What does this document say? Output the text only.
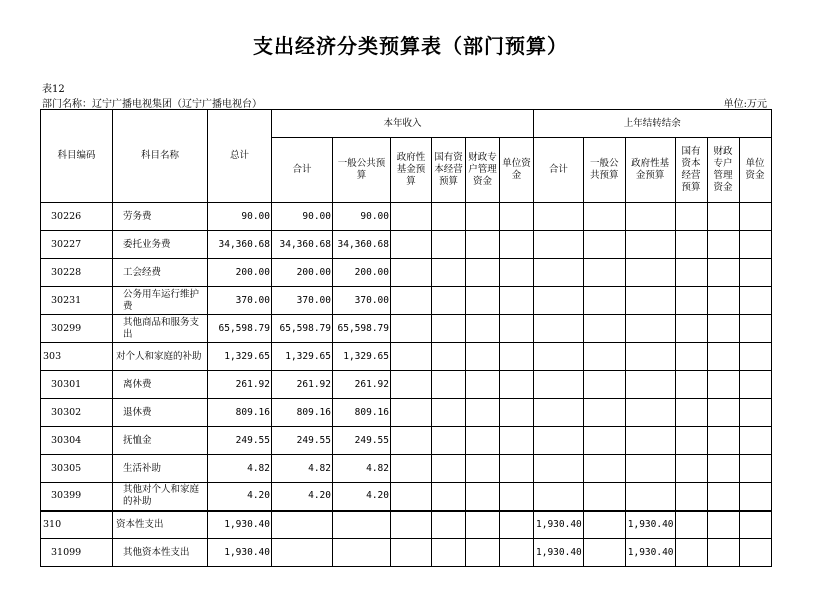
支出经济分类预算表（部门预算）
表12
部门名称：辽宁广播电视集团（辽宁广播电视台）	单位:万元
科目编码	科目名称	总计	本年收入						上年结转结余					
			合计	一般公共预算	政府性基金预算	国有资本经营预算	财政专户管理资金	单位资金	合计	一般公共预算	政府性基金预算	国有资本经营预算	财政专户管理资金	单位资金
30226	劳务费	90.00	90.00	90.00										
30227	委托业务费	34,360.68	34,360.68	34,360.68										
30228	工会经费	200.00	200.00	200.00										
30231	公务用车运行维护费	370.00	370.00	370.00										
30299	其他商品和服务支出	65,598.79	65,598.79	65,598.79										
303	对个人和家庭的补助	1,329.65	1,329.65	1,329.65										
30301	离休费	261.92	261.92	261.92										
30302	退休费	809.16	809.16	809.16										
30304	抚恤金	249.55	249.55	249.55										
30305	生活补助	4.82	4.82	4.82										
30399	其他对个人和家庭的补助	4.20	4.20	4.20										
310	资本性支出	1,930.40							1,930.40		1,930.40			
31099	其他资本性支出	1,930.40							1,930.40		1,930.40			
